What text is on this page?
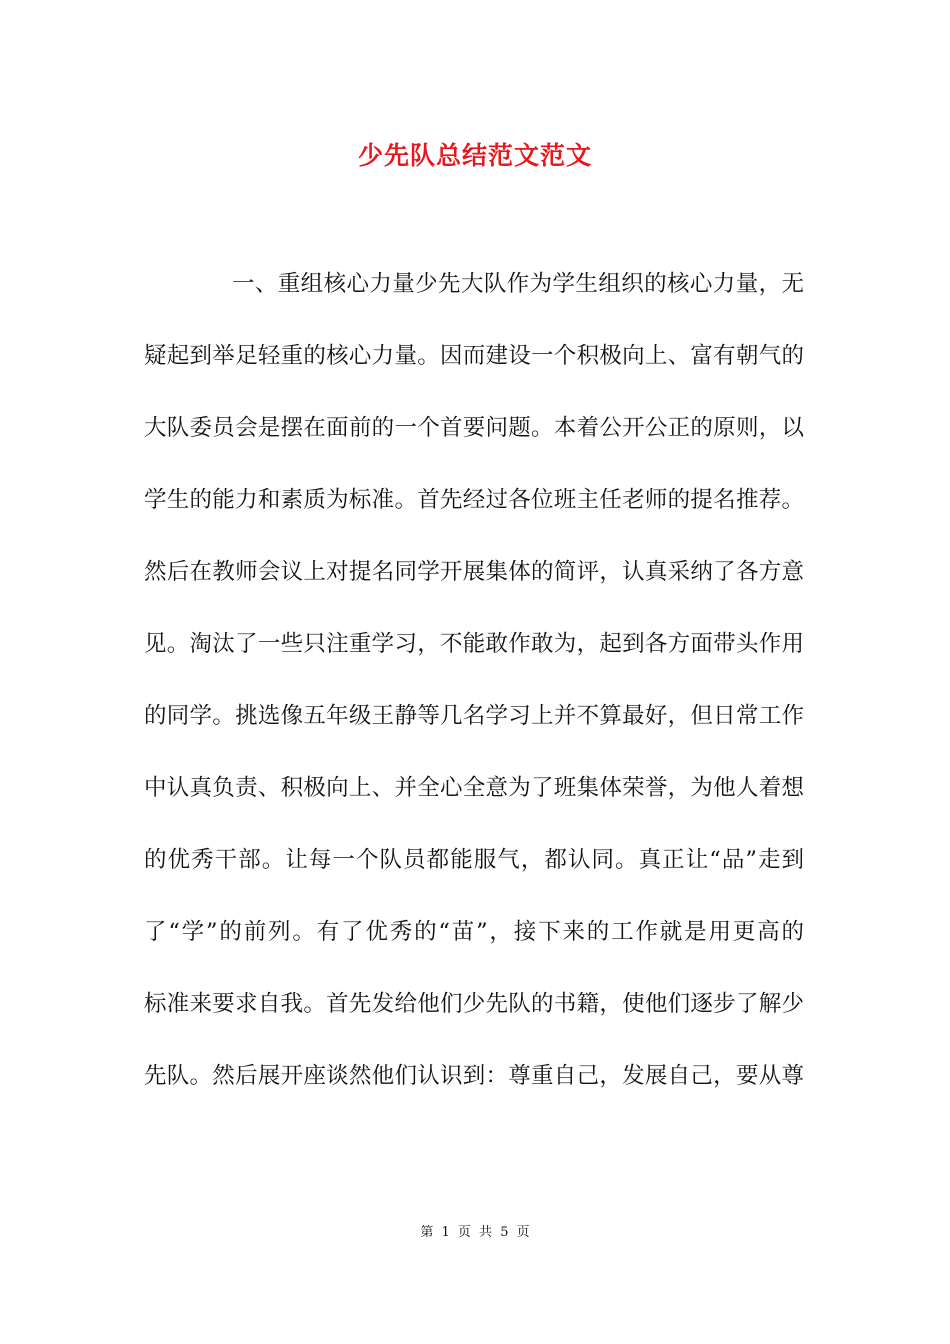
少先队总结范文范文
一、重组核心力量少先大队作为学生组织的核心力量，无
疑起到举足轻重的核心力量。因而建设一个积极向上、富有朝气的
大队委员会是摆在面前的一个首要问题。本着公开公正的原则，以
学生的能力和素质为标准。首先经过各位班主任老师的提名推荐。
然后在教师会议上对提名同学开展集体的简评，认真采纳了各方意
见。淘汰了一些只注重学习，不能敢作敢为，起到各方面带头作用
的同学。挑选像五年级王静等几名学习上并不算最好，但日常工作
中认真负责、积极向上、并全心全意为了班集体荣誉，为他人着想
的优秀干部。让每一个队员都能服气，都认同。真正让“品”走到
了“学”的前列。有了优秀的“苗”，接下来的工作就是用更高的
标准来要求自我。首先发给他们少先队的书籍，使他们逐步了解少
先队。然后展开座谈然他们认识到：尊重自己，发展自己，要从尊
第 1 页 共 5 页
